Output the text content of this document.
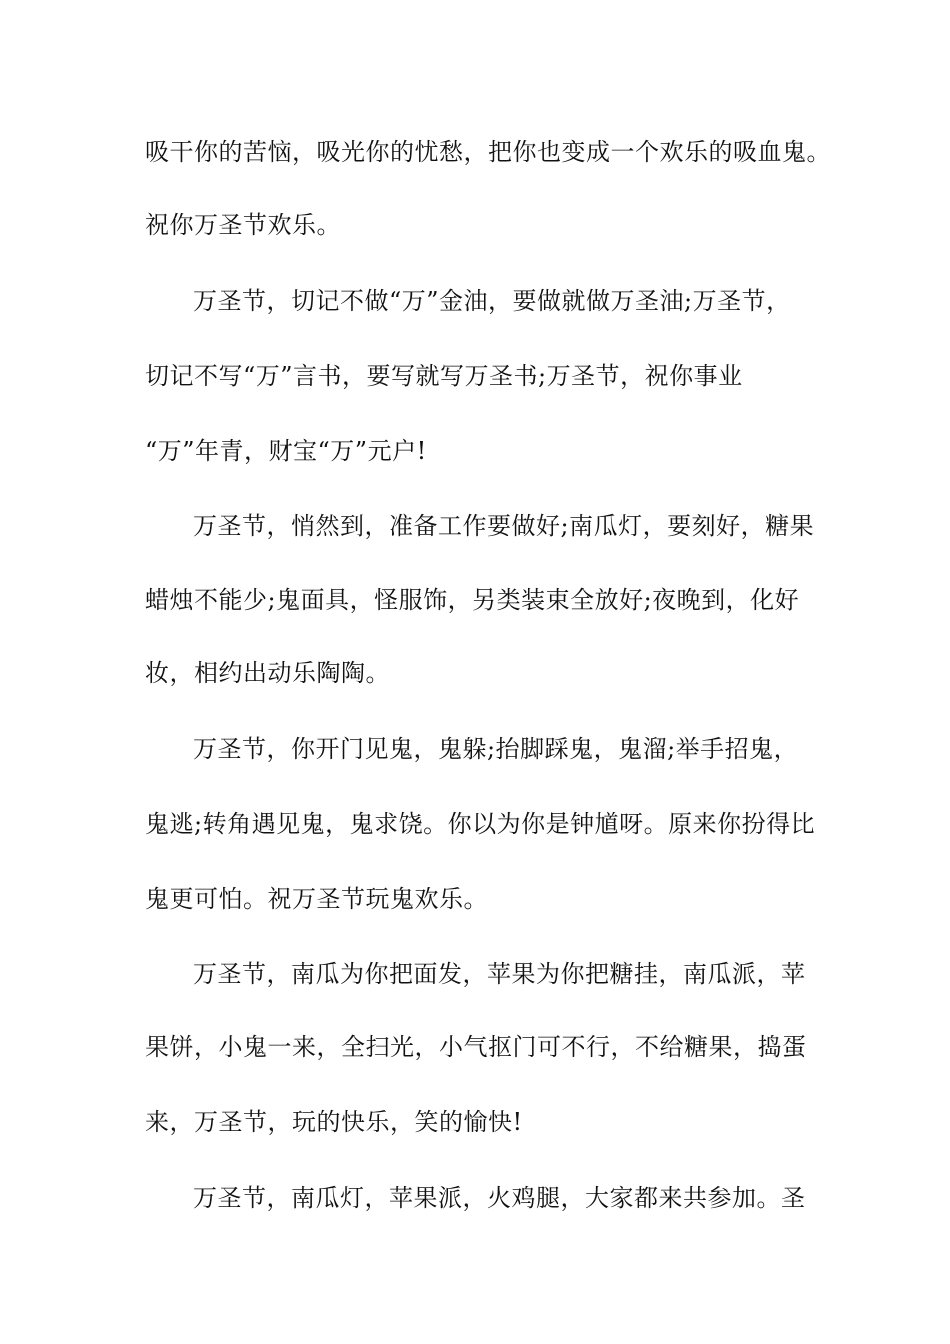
吸干你的苦恼，吸光你的忧愁，把你也变成一个欢乐的吸血鬼。
祝你万圣节欢乐。
万圣节，切记不做“万”金油，要做就做万圣油;万圣节，
切记不写“万”言书，要写就写万圣书;万圣节，祝你事业
“万”年青，财宝“万”元户!
万圣节，悄然到，准备工作要做好;南瓜灯，要刻好，糖果
蜡烛不能少;鬼面具，怪服饰，另类装束全放好;夜晚到，化好
妆，相约出动乐陶陶。
万圣节，你开门见鬼，鬼躲;抬脚踩鬼，鬼溜;举手招鬼，
鬼逃;转角遇见鬼，鬼求饶。你以为你是钟馗呀。原来你扮得比
鬼更可怕。祝万圣节玩鬼欢乐。
万圣节，南瓜为你把面发，苹果为你把糖挂，南瓜派，苹
果饼，小鬼一来，全扫光，小气抠门可不行，不给糖果，捣蛋
来，万圣节，玩的快乐，笑的愉快!
万圣节，南瓜灯，苹果派，火鸡腿，大家都来共参加。圣
